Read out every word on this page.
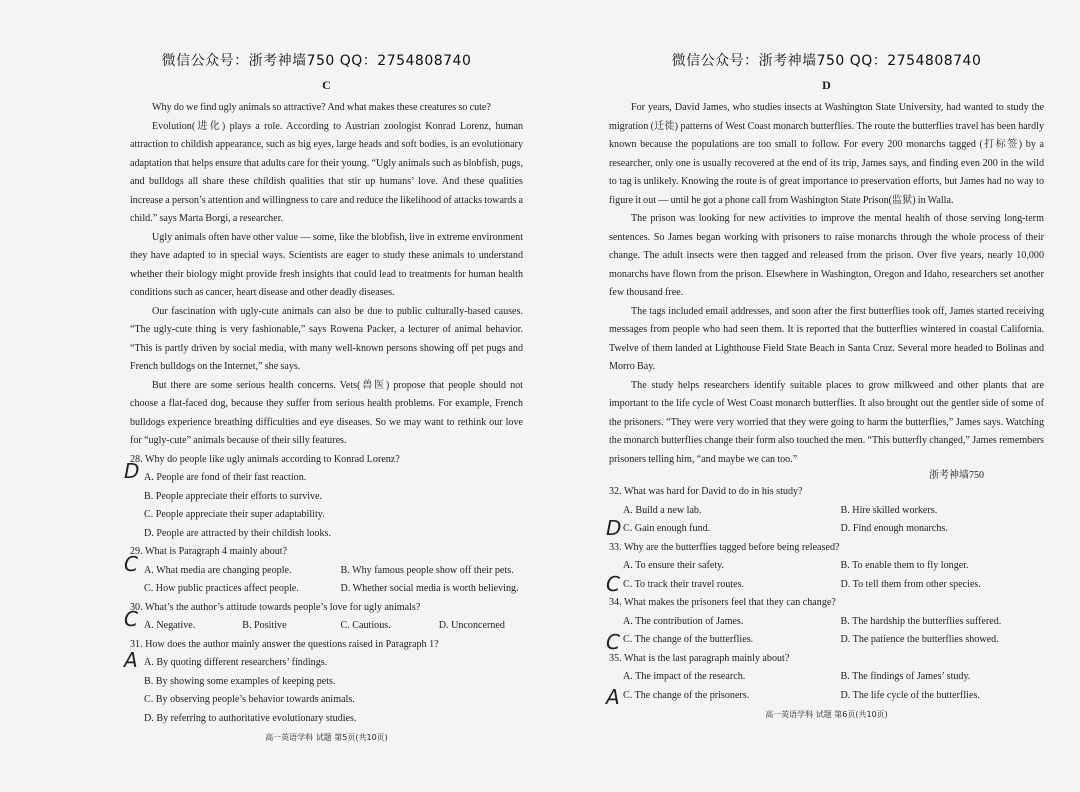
微信公众号：浙考神墙750 QQ：2754808740
C

Why do we find ugly animals so attractive? And what makes these creatures so cute?

Evolution(进化) plays a role. According to Austrian zoologist Konrad Lorenz, human attraction to childish appearance, such as big eyes, large heads and soft bodies, is an evolutionary adaptation that helps ensure that adults care for their young. “Ugly animals such as blobfish, pugs, and bulldogs all share these childish qualities that stir up humans’ love. And these qualities increase a person’s attention and willingness to care and reduce the likelihood of attacks towards a child.” says Marta Borgi, a researcher.

Ugly animals often have other value — some, like the blobfish, live in extreme environment they have adapted to in special ways. Scientists are eager to study these animals to understand whether their biology might provide fresh insights that could lead to treatments for human health conditions such as cancer, heart disease and other deadly diseases.

Our fascination with ugly-cute animals can also be due to public culturally-based causes. “The ugly-cute thing is very fashionable,” says Rowena Packer, a lecturer of animal behavior. “This is partly driven by social media, with many well-known persons showing off pet pugs and French bulldogs on the Internet,” she says.

But there are some serious health concerns. Vets(兽医) propose that people should not choose a flat-faced dog, because they suffer from serious health problems. For example, French bulldogs experience breathing difficulties and eye diseases. So we may want to rethink our love for “ugly-cute” animals because of their silly features.

28. Why do people like ugly animals according to Konrad Lorenz?
A. People are fond of their fast reaction.
B. People appreciate their efforts to survive.
C. People appreciate their super adaptability.
D. People are attracted by their childish looks.
29. What is Paragraph 4 mainly about?
A. What media are changing people.	B. Why famous people show off their pets.
C. How public practices affect people.	D. Whether social media is worth believing.
30. What’s the author’s attitude towards people’s love for ugly animals?
A. Negative.	B. Positive	C. Cautious.	D. Unconcerned
31. How does the author mainly answer the questions raised in Paragraph 1?
A. By quoting different researchers’ findings.
B. By showing some examples of keeping pets.
C. By observing people’s behavior towards animals.
D. By referring to authoritative evolutionary studies.
高一英语学科 试题 第5页(共10页)
微信公众号：浙考神墙750 QQ：2754808740
D

For years, David James, who studies insects at Washington State University, had wanted to study the migration (迁徙) patterns of West Coast monarch butterflies. The route the butterflies travel has been hardly known because the populations are too small to follow. For every 200 monarchs tagged (打标签) by a researcher, only one is usually recovered at the end of its trip, James says, and finding even 200 in the wild to tag is unlikely. Knowing the route is of great importance to preservation efforts, but James had no way to figure it out — until he got a phone call from Washington State Prison(监狱) in Walla.

The prison was looking for new activities to improve the mental health of those serving long-term sentences. So James began working with prisoners to raise monarchs through the whole process of their change. The adult insects were then tagged and released from the prison. Over five years, nearly 10,000 monarchs have flown from the prison. Elsewhere in Washington, Oregon and Idaho, researchers set another few thousand free.

The tags included email addresses, and soon after the first butterflies took off, James started receiving messages from people who had seen them. It is reported that the butterflies wintered in coastal California. Twelve of them landed at Lighthouse Field State Beach in Santa Cruz. Several more headed to Bolinas and Morro Bay.

The study helps researchers identify suitable places to grow milkweed and other plants that are important to the life cycle of West Coast monarch butterflies. It also brought out the gentler side of some of the prisoners. “They were very worried that they were going to harm the butterflies,” James says. Watching the monarch butterflies change their form also touched the men. “This butterfly changed,” James remembers prisoners telling him, “and maybe we can too.”

浙考神墙750
32. What was hard for David to do in his study?
A. Build a new lab.	B. Hire skilled workers.
C. Gain enough fund.	D. Find enough monarchs.
33. Why are the butterflies tagged before being released?
A. To ensure their safety.	B. To enable them to fly longer.
C. To track their travel routes.	D. To tell them from other species.
34. What makes the prisoners feel that they can change?
A. The contribution of James.	B. The hardship the butterflies suffered.
C. The change of the butterflies.	D. The patience the butterflies showed.
35. What is the last paragraph mainly about?
A. The impact of the research.	B. The findings of James’ study.
C. The change of the prisoners.	D. The life cycle of the butterflies.
高一英语学科 试题 第6页(共10页)
D
C
C
A
D
C
C
A
